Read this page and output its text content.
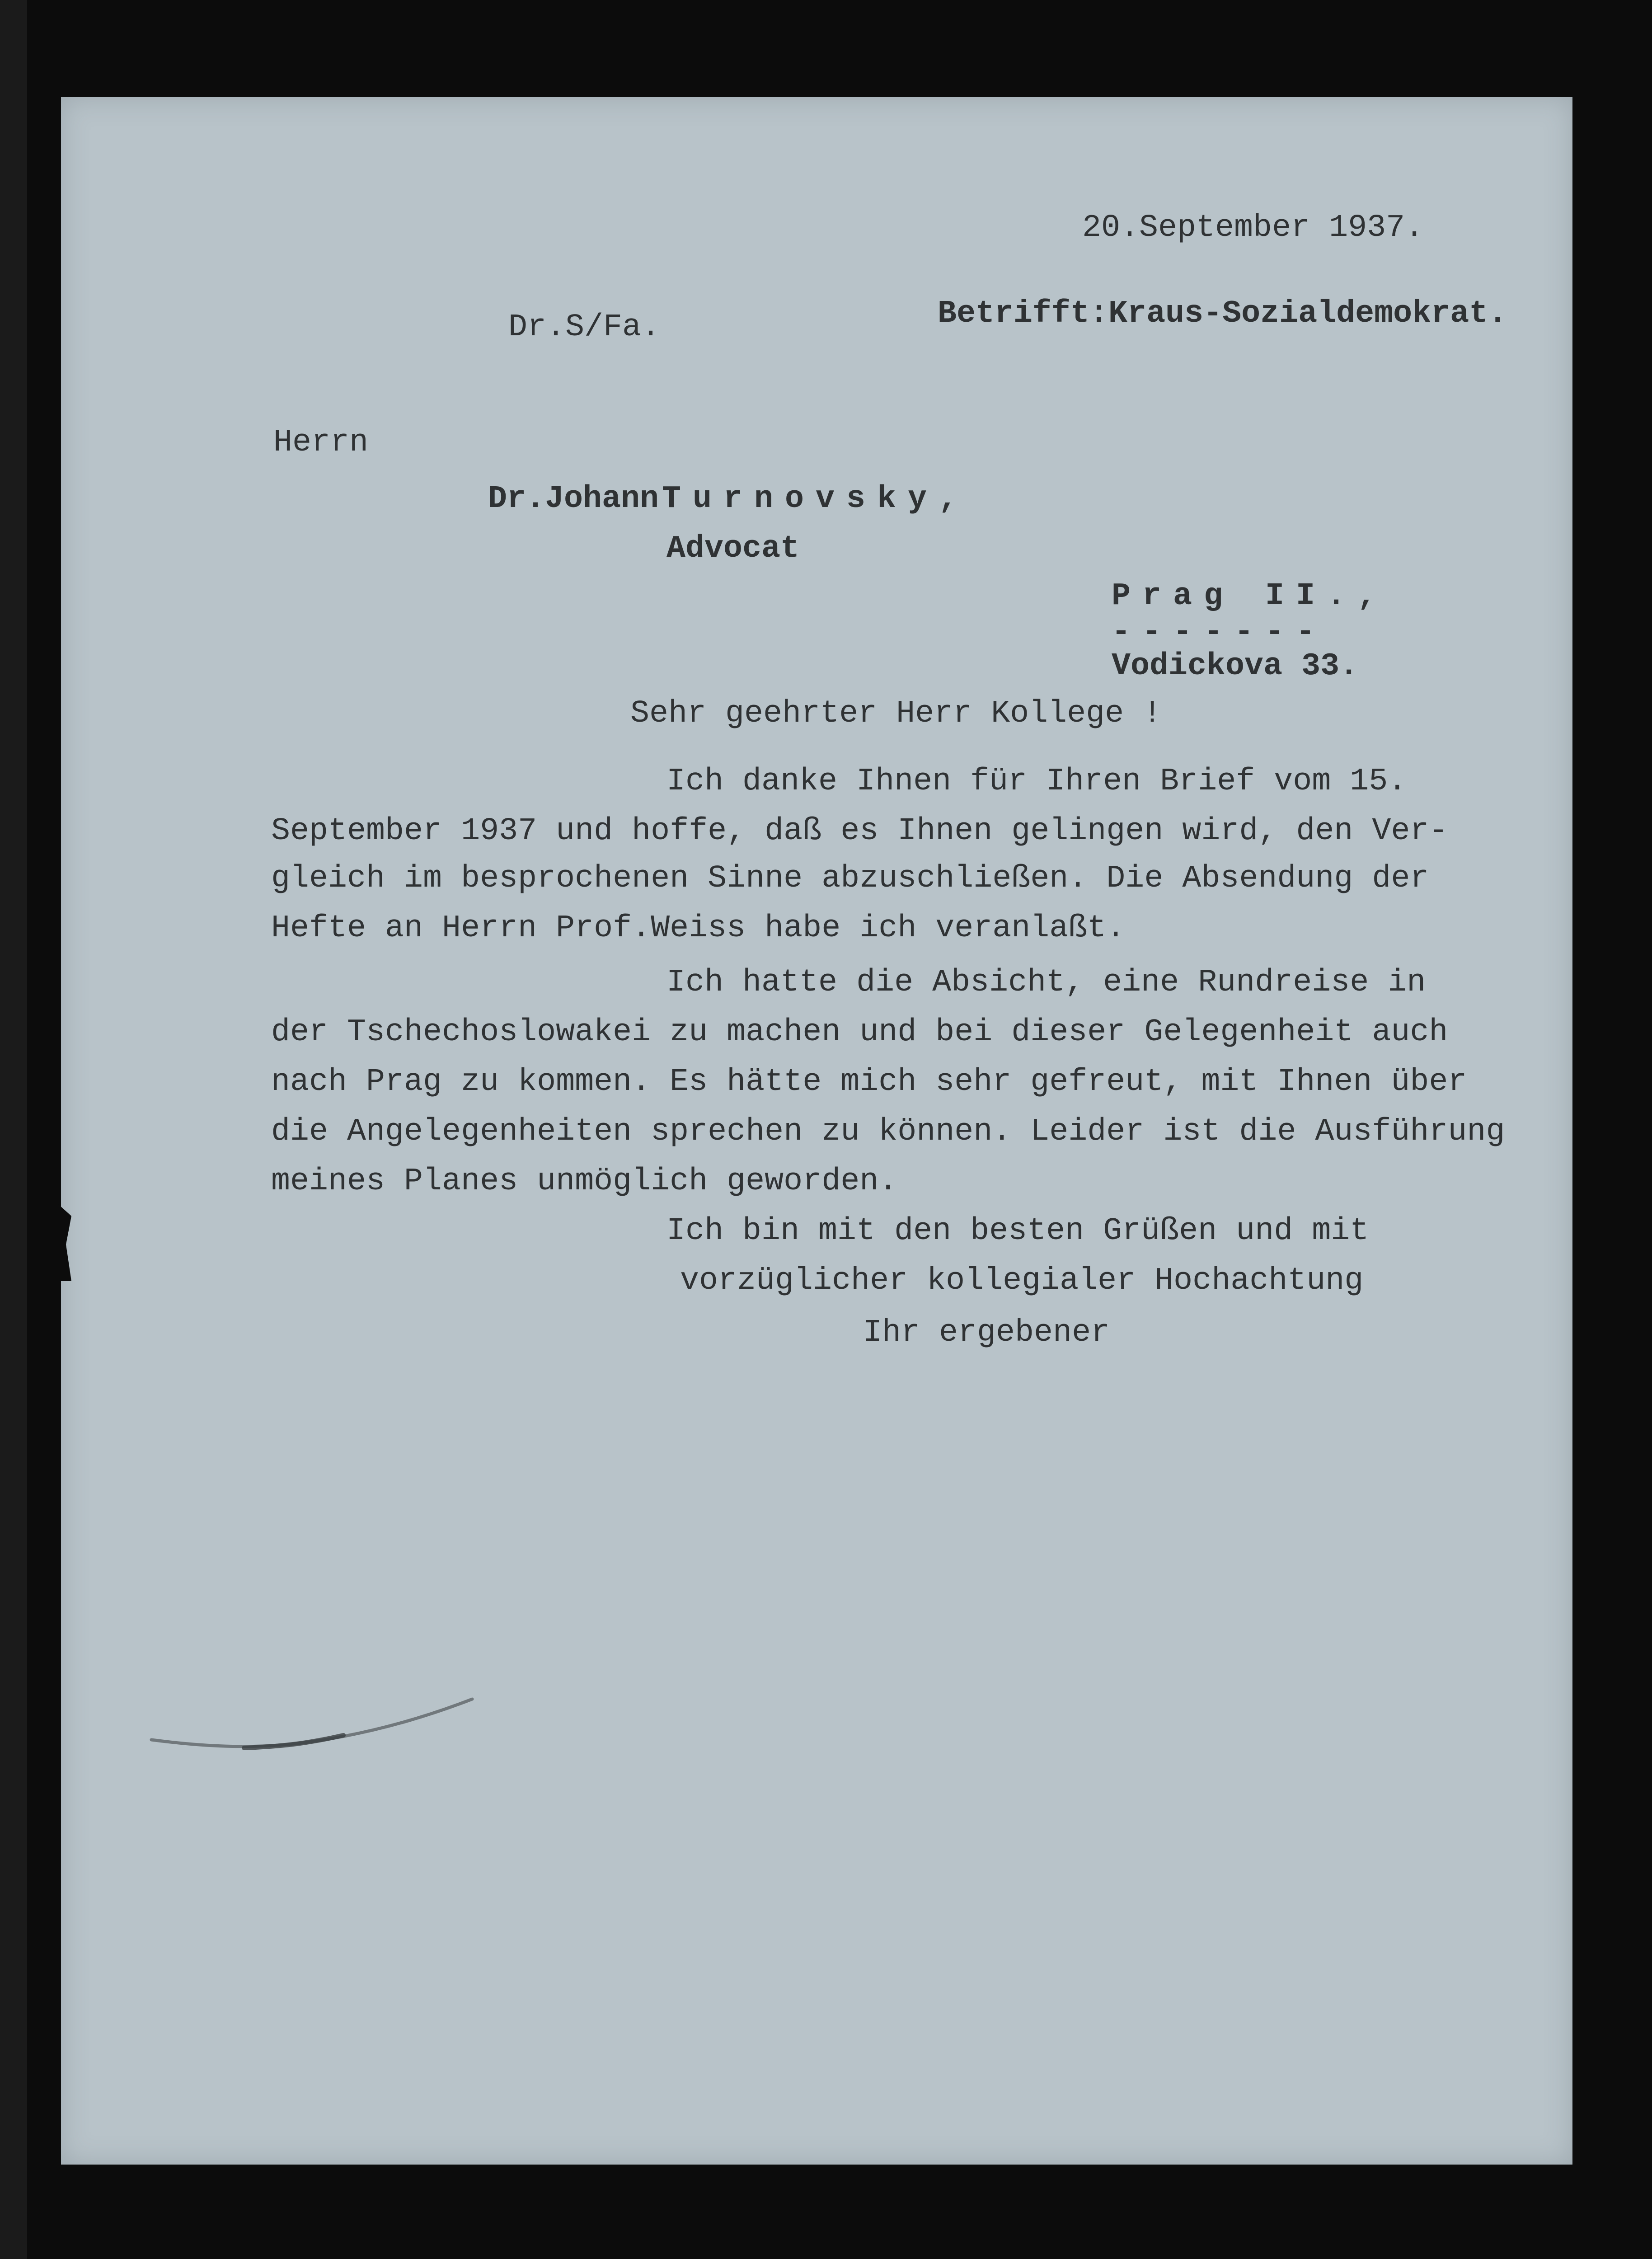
20.September 1937.
Dr.S/Fa.	Betrifft:Kraus-Sozialdemokrat.
Herrn
Dr.Johann Turnovsky,
Advocat
Prag II.,
-------
Vodickova 33.
Sehr geehrter Herr Kollege !
Ich danke Ihnen für Ihren Brief vom 15.
September 1937 und hoffe, daß es Ihnen gelingen wird, den Ver-
gleich im besprochenen Sinne abzuschließen. Die Absendung der
Hefte an Herrn Prof.Weiss habe ich veranlaßt.
Ich hatte die Absicht, eine Rundreise in
der Tschechoslowakei zu machen und bei dieser Gelegenheit auch
nach Prag zu kommen. Es hätte mich sehr gefreut, mit Ihnen über
die Angelegenheiten sprechen zu können. Leider ist die Ausführung
meines Planes unmöglich geworden.
Ich bin mit den besten Grüßen und mit
vorzüglicher kollegialer Hochachtung
Ihr ergebener
